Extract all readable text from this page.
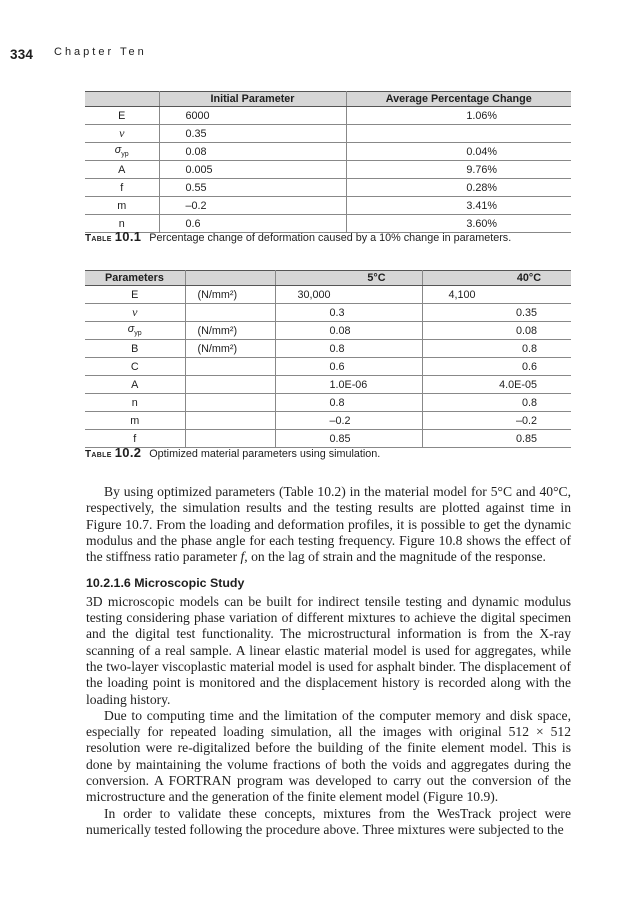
334 Chapter Ten
	Initial Parameter	Average Percentage Change
E	6000	1.06%
ν	0.35	
$\sigma_{yp}$	0.08	0.04%
A	0.005	9.76%
f	0.55	0.28%
m	–0.2	3.41%
n	0.6	3.60%
Table 10.1 Percentage change of deformation caused by a 10% change in parameters.
Parameters		5°C	40°C
E	(N/mm²)	30,000	4,100
ν		0.3	0.35
$\sigma_{yp}$	(N/mm²)	0.08	0.08
B	(N/mm²)	0.8	0.8
C		0.6	0.6
A		1.0E-06	4.0E-05
n		0.8	0.8
m		–0.2	–0.2
f		0.85	0.85
Table 10.2 Optimized material parameters using simulation.

By using optimized parameters (Table 10.2) in the material model for 5°C and 40°C, respectively, the simulation results and the testing results are plotted against time in Figure 10.7. From the loading and deformation profiles, it is possible to get the dynamic modulus and the phase angle for each testing frequency. Figure 10.8 shows the effect of the stiffness ratio parameter f, on the lag of strain and the magnitude of the response.

10.2.1.6 Microscopic Study

3D microscopic models can be built for indirect tensile testing and dynamic modulus testing considering phase variation of different mixtures to achieve the digital specimen and the digital test functionality. The microstructural information is from the X-ray scanning of a real sample. A linear elastic material model is used for aggregates, while the two-layer viscoplastic material model is used for asphalt binder. The displacement of the loading point is monitored and the displacement history is recorded along with the loading history.

Due to computing time and the limitation of the computer memory and disk space, especially for repeated loading simulation, all the images with original 512 × 512 resolution were re-digitalized before the building of the finite element model. This is done by maintaining the volume fractions of both the voids and aggregates during the conversion. A FORTRAN program was developed to carry out the conversion of the microstructure and the generation of the finite element model (Figure 10.9).

In order to validate these concepts, mixtures from the WesTrack project were numerically tested following the procedure above. Three mixtures were subjected to the
